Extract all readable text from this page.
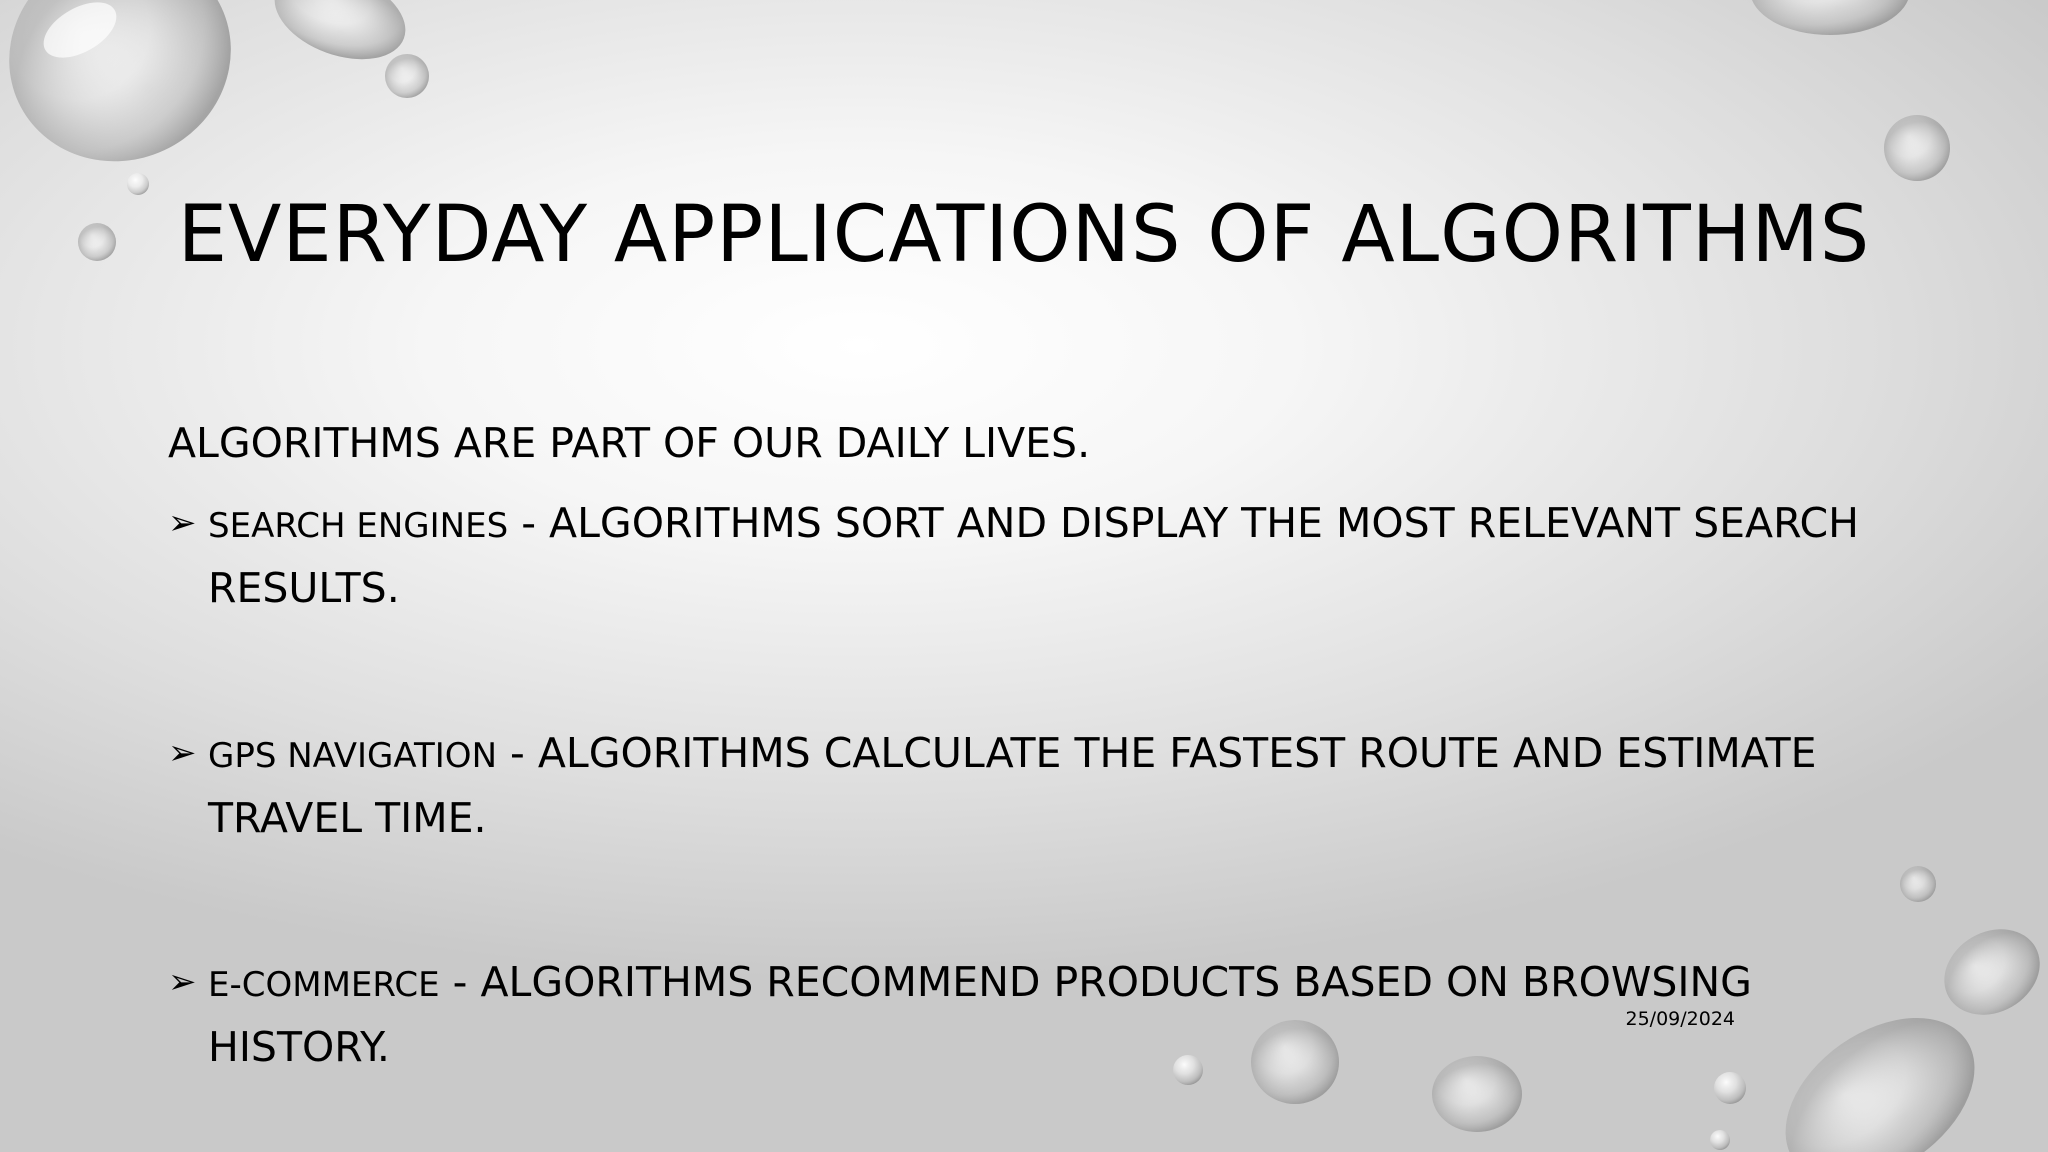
EVERYDAY APPLICATIONS OF ALGORITHMS
ALGORITHMS ARE PART OF OUR DAILY LIVES.
➢ SEARCH ENGINES - ALGORITHMS SORT AND DISPLAY THE MOST RELEVANT SEARCH RESULTS.
➢ GPS NAVIGATION - ALGORITHMS CALCULATE THE FASTEST ROUTE AND ESTIMATE TRAVEL TIME.
➢ E-COMMERCE - ALGORITHMS RECOMMEND PRODUCTS BASED ON BROWSING HISTORY.
25/09/2024
